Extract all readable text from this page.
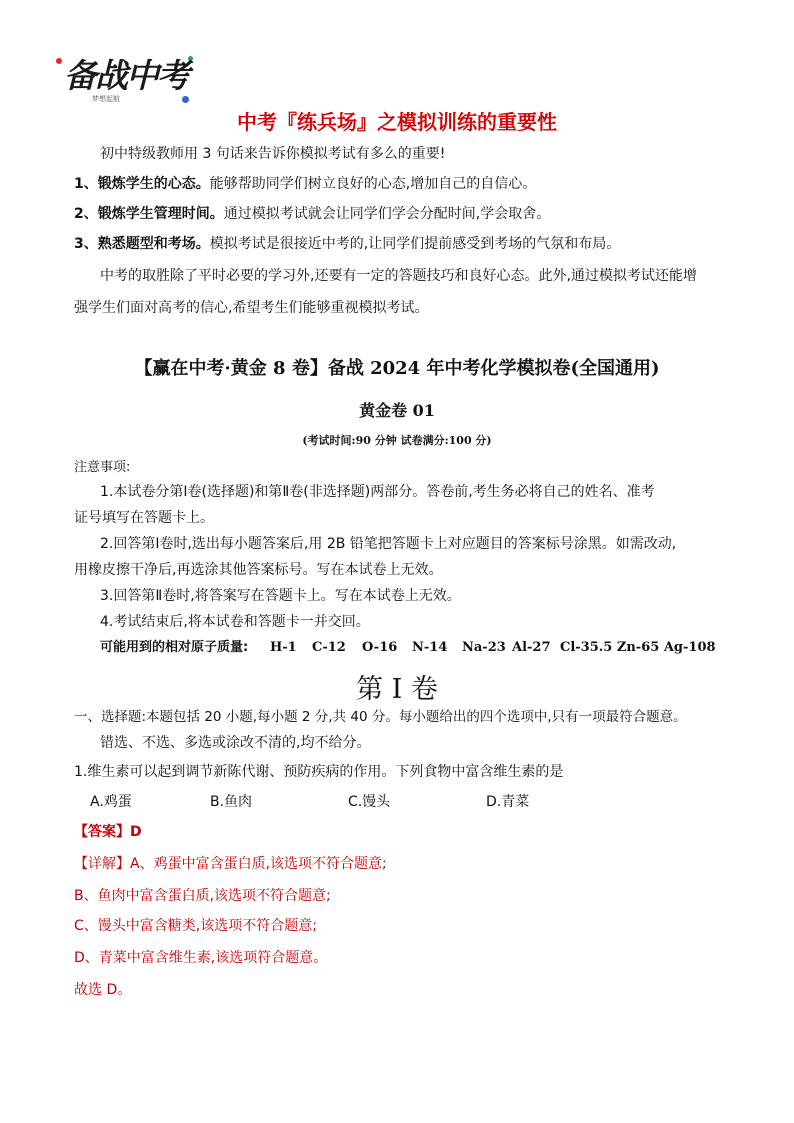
备战中考
梦想起航
中考『练兵场』之模拟训练的重要性
初中特级教师用 3 句话来告诉你模拟考试有多么的重要!
1、锻炼学生的心态。能够帮助同学们树立良好的心态,增加自己的自信心。
2、锻炼学生管理时间。通过模拟考试就会让同学们学会分配时间,学会取舍。
3、熟悉题型和考场。模拟考试是很接近中考的,让同学们提前感受到考场的气氛和布局。
中考的取胜除了平时必要的学习外,还要有一定的答题技巧和良好心态。此外,通过模拟考试还能增
强学生们面对高考的信心,希望考生们能够重视模拟考试。
【赢在中考·黄金 8 卷】备战 2024 年中考化学模拟卷(全国通用)
黄金卷 01
(考试时间:90 分钟 试卷满分:100 分)
注意事项:
1.本试卷分第Ⅰ卷(选择题)和第Ⅱ卷(非选择题)两部分。答卷前,考生务必将自己的姓名、准考
证号填写在答题卡上。
2.回答第Ⅰ卷时,选出每小题答案后,用 2B 铅笔把答题卡上对应题目的答案标号涂黑。如需改动,
用橡皮擦干净后,再选涂其他答案标号。写在本试卷上无效。
3.回答第Ⅱ卷时,将答案写在答题卡上。写在本试卷上无效。
4.考试结束后,将本试卷和答题卡一并交回。
可能用到的相对原子质量: H-1 C-12 O-16 N-14 Na-23 Al-27 Cl-35.5 Zn-65 Ag-108
第 I 卷
一、选择题:本题包括 20 小题,每小题 2 分,共 40 分。每小题给出的四个选项中,只有一项最符合题意。
错选、不选、多选或涂改不清的,均不给分。
1.维生素可以起到调节新陈代谢、预防疾病的作用。下列食物中富含维生素的是
A.鸡蛋	B.鱼肉	C.馒头	D.青菜
【答案】D
【详解】A、鸡蛋中富含蛋白质,该选项不符合题意;
B、鱼肉中富含蛋白质,该选项不符合题意;
C、馒头中富含糖类,该选项不符合题意;
D、青菜中富含维生素,该选项符合题意。
故选 D。
